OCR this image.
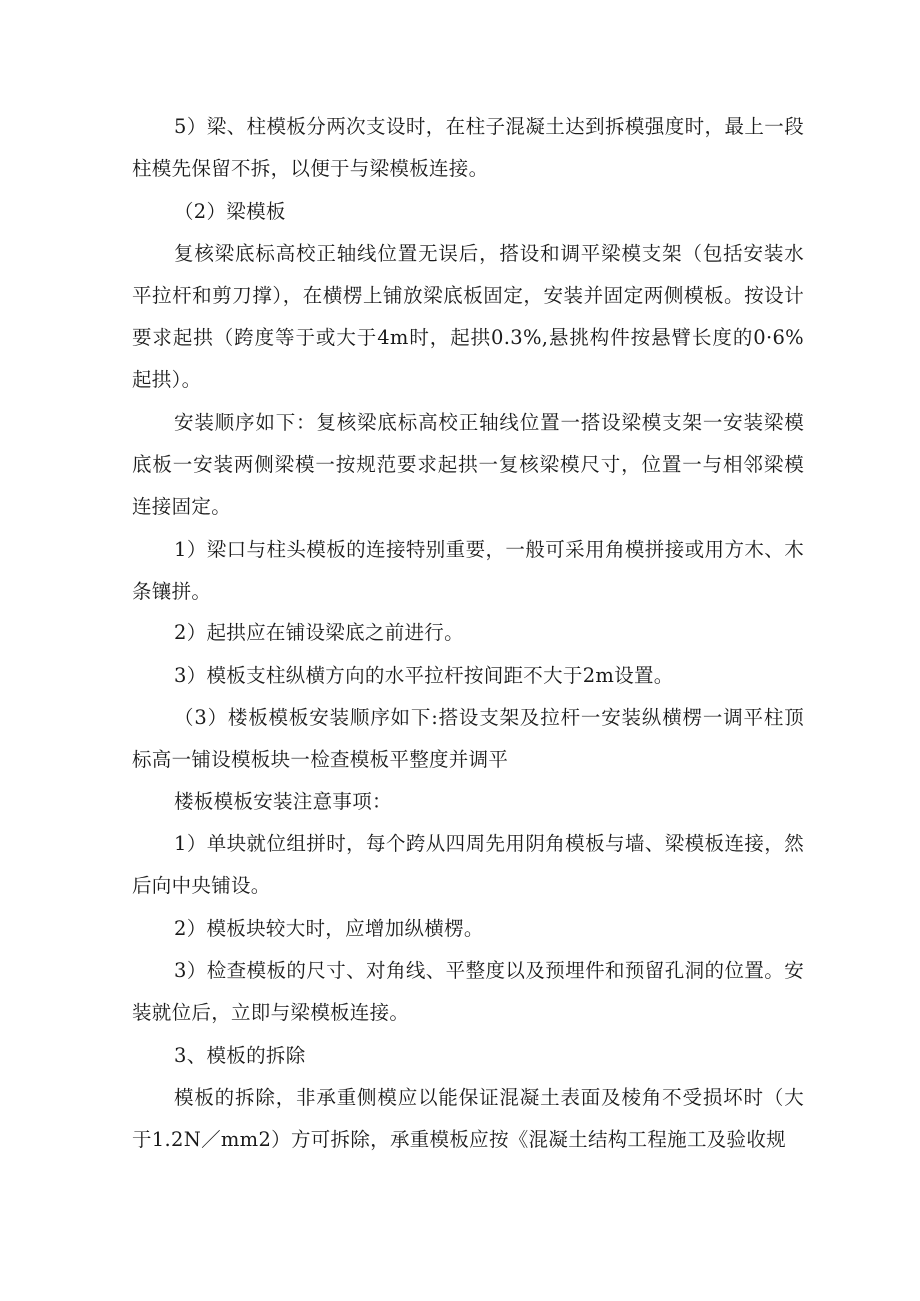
5）梁、柱模板分两次支设时，在柱子混凝土达到拆模强度时，最上一段柱模先保留不拆，以便于与梁模板连接。

（2）梁模板

复核梁底标高校正轴线位置无误后，搭设和调平梁模支架（包括安装水平拉杆和剪刀撑），在横楞上铺放梁底板固定，安装并固定两侧模板。按设计要求起拱（跨度等于或大于4m时，起拱0.3%,悬挑构件按悬臂长度的0·6%起拱）。

安装顺序如下：复核梁底标高校正轴线位置一搭设梁模支架一安装梁模底板一安装两侧梁模一按规范要求起拱一复核梁模尺寸，位置一与相邻梁模连接固定。

1）梁口与柱头模板的连接特别重要，一般可采用角模拼接或用方木、木条镶拼。

2）起拱应在铺设梁底之前进行。

3）模板支柱纵横方向的水平拉杆按间距不大于2m设置。

（3）楼板模板安装顺序如下:搭设支架及拉杆一安装纵横楞一调平柱顶标高一铺设模板块一检查模板平整度并调平

楼板模板安装注意事项：

1）单块就位组拼时，每个跨从四周先用阴角模板与墙、梁模板连接，然后向中央铺设。

2）模板块较大时，应增加纵横楞。

3）检查模板的尺寸、对角线、平整度以及预埋件和预留孔洞的位置。安装就位后，立即与梁模板连接。

3、模板的拆除

模板的拆除，非承重侧模应以能保证混凝土表面及棱角不受损坏时（大于1.2N／mm2）方可拆除，承重模板应按《混凝土结构工程施工及验收规
